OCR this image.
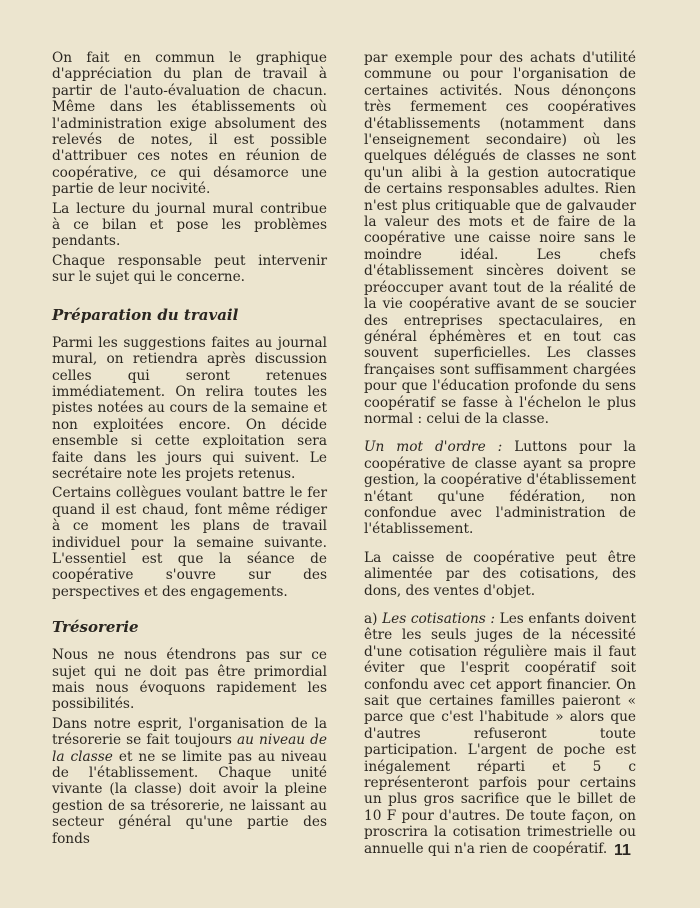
On fait en commun le graphique d'appréciation du plan de travail à partir de l'auto-évaluation de chacun. Même dans les établissements où l'administration exige absolument des relevés de notes, il est possible d'attribuer ces notes en réunion de coopérative, ce qui désamorce une partie de leur nocivité.

La lecture du journal mural contribue à ce bilan et pose les problèmes pendants.

Chaque responsable peut intervenir sur le sujet qui le concerne.

Préparation du travail

Parmi les suggestions faites au journal mural, on retiendra après discussion celles qui seront retenues immédiatement. On relira toutes les pistes notées au cours de la semaine et non exploitées encore. On décide ensemble si cette exploitation sera faite dans les jours qui suivent. Le secrétaire note les projets retenus.

Certains collègues voulant battre le fer quand il est chaud, font même rédiger à ce moment les plans de travail individuel pour la semaine suivante. L'essentiel est que la séance de coopérative s'ouvre sur des perspectives et des engagements.

Trésorerie

Nous ne nous étendrons pas sur ce sujet qui ne doit pas être primordial mais nous évoquons rapidement les possibilités.

Dans notre esprit, l'organisation de la trésorerie se fait toujours au niveau de la classe et ne se limite pas au niveau de l'établissement. Chaque unité vivante (la classe) doit avoir la pleine gestion de sa trésorerie, ne laissant au secteur général qu'une partie des fonds

par exemple pour des achats d'utilité commune ou pour l'organisation de certaines activités. Nous dénonçons très fermement ces coopératives d'établissements (notamment dans l'enseignement secondaire) où les quelques délégués de classes ne sont qu'un alibi à la gestion autocratique de certains responsables adultes. Rien n'est plus critiquable que de galvauder la valeur des mots et de faire de la coopérative une caisse noire sans le moindre idéal. Les chefs d'établissement sincères doivent se préoccuper avant tout de la réalité de la vie coopérative avant de se soucier des entreprises spectaculaires, en général éphémères et en tout cas souvent superficielles. Les classes françaises sont suffisamment chargées pour que l'éducation profonde du sens coopératif se fasse à l'échelon le plus normal : celui de la classe.

Un mot d'ordre : Luttons pour la coopérative de classe ayant sa propre gestion, la coopérative d'établissement n'étant qu'une fédération, non confondue avec l'administration de l'établissement.

La caisse de coopérative peut être alimentée par des cotisations, des dons, des ventes d'objet.

a) Les cotisations : Les enfants doivent être les seuls juges de la nécessité d'une cotisation régulière mais il faut éviter que l'esprit coopératif soit confondu avec cet apport financier. On sait que certaines familles paieront « parce que c'est l'habitude » alors que d'autres refuseront toute participation. L'argent de poche est inégalement réparti et 5 c représenteront parfois pour certains un plus gros sacrifice que le billet de 10 F pour d'autres. De toute façon, on proscrira la cotisation trimestrielle ou annuelle qui n'a rien de coopératif. 11
